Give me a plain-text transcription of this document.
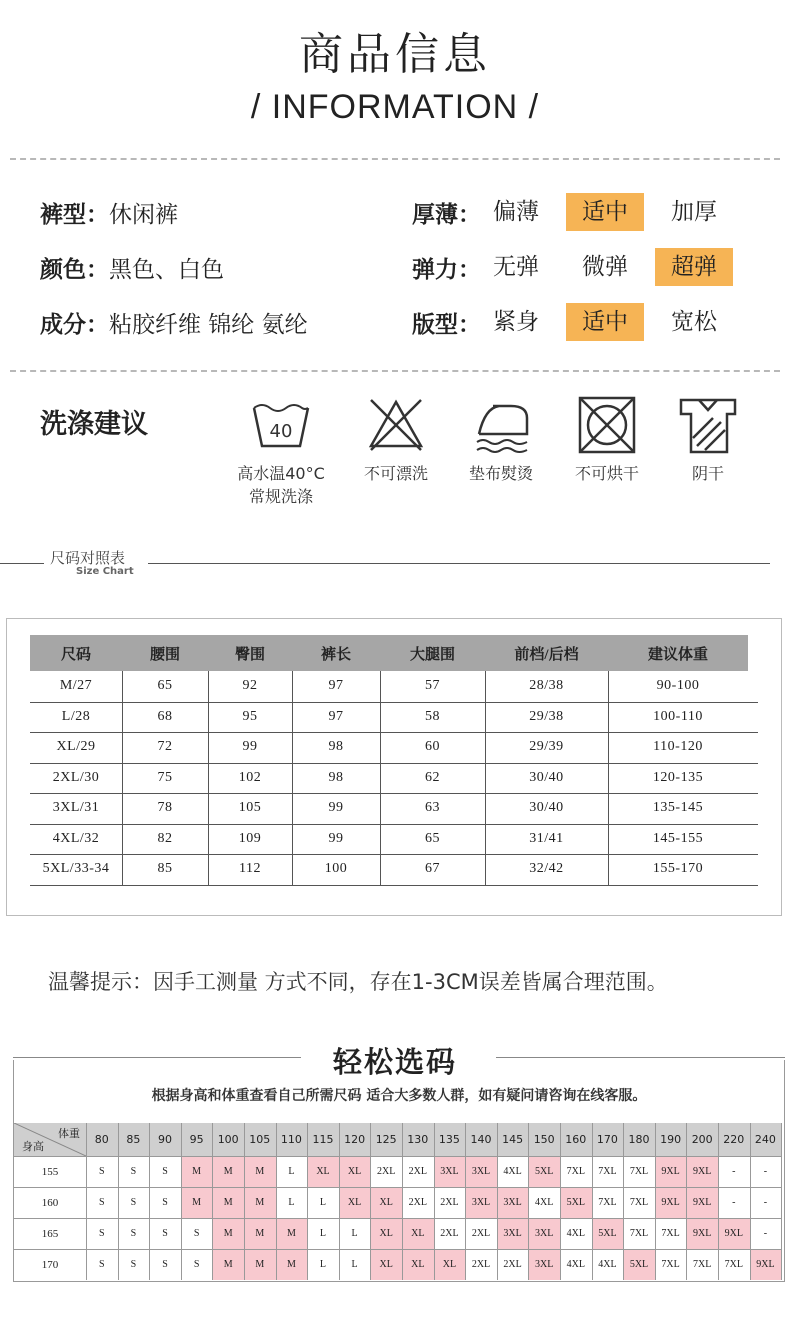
商品信息
/ INFORMATION /
裤型： 休闲裤
颜色： 黑色、白色
成分： 粘胶纤维 锦纶 氨纶
厚薄： 偏薄	适中	加厚
弹力： 无弹	微弹	超弹
版型： 紧身	适中	宽松
洗涤建议	40
高水温40°C
常规洗涤
不可漂洗	垫布熨烫	不可烘干	阴干
尺码对照表
Size Chart
尺码	腰围	臀围	裤长	大腿围	前档/后档	建议体重
M/27	65	92	97	57	28/38	90-100
L/28	68	95	97	58	29/38	100-110
XL/29	72	99	98	60	29/39	110-120
2XL/30	75	102	98	62	30/40	120-135
3XL/31	78	105	99	63	30/40	135-145
4XL/32	82	109	99	65	31/41	145-155
5XL/33-34	85	112	100	67	32/42	155-170
温馨提示：因手工测量 方式不同，存在1-3CM误差皆属合理范围。
轻松选码
根据身高和体重查看自己所需尺码 适合大多数人群，如有疑问请咨询在线客服。
体重
身高
80	85	90	95	100 105 110 115 120 125 130 135 140 145 150 160 170 180 190 200 220 240
155	S	S	S	M	M	M	L	XL	XL	2XL	2XL	3XL	3XL	4XL	5XL	7XL	7XL	7XL	9XL	9XL	-	-
160	S	S	S	M	M	M	L	L	XL	XL	2XL	2XL	3XL	3XL	4XL	5XL	7XL	7XL	9XL	9XL	-	-
165	S	S	S	S	M	M	M	L	L	XL	XL	2XL	2XL	3XL	3XL	4XL	5XL	7XL	7XL	9XL	9XL	-
170	S	S	S	S	M	M	M	L	L	XL	XL	XL	2XL	2XL	3XL	4XL	4XL	5XL	7XL	7XL	7XL	9XL
